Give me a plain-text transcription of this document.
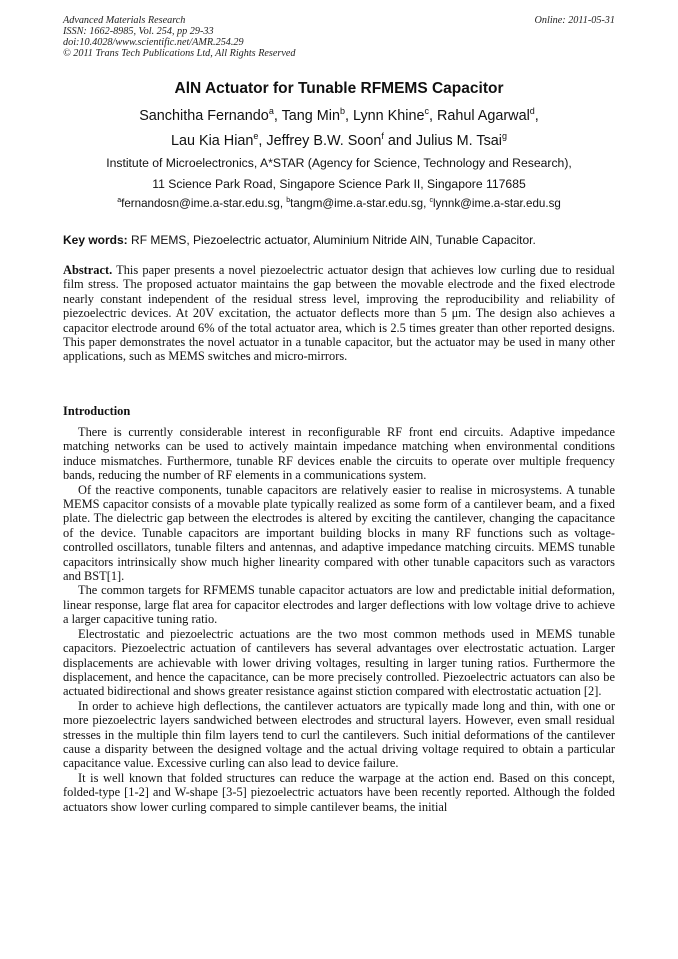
Advanced Materials Research
ISSN: 1662-8985, Vol. 254, pp 29-33
doi:10.4028/www.scientific.net/AMR.254.29
© 2011 Trans Tech Publications Ltd, All Rights Reserved
Online: 2011-05-31
AlN Actuator for Tunable RFMEMS Capacitor
Sanchitha Fernando$^a$, Tang Min$^b$, Lynn Khine$^c$, Rahul Agarwal$^d$,
Lau Kia Hian$^e$, Jeffrey B.W. Soon$^f$ and Julius M. Tsai$^g$
Institute of Microelectronics, A*STAR (Agency for Science, Technology and Research),
11 Science Park Road, Singapore Science Park II, Singapore 117685
$^a$fernandosn@ime.a-star.edu.sg, $^b$tangm@ime.a-star.edu.sg, $^c$lynnk@ime.a-star.edu.sg
Key words: RF MEMS, Piezoelectric actuator, Aluminium Nitride AlN, Tunable Capacitor.

Abstract. This paper presents a novel piezoelectric actuator design that achieves low curling due to residual film stress. The proposed actuator maintains the gap between the movable electrode and the fixed electrode nearly constant independent of the residual stress level, improving the reproducibility and reliability of piezoelectric devices. At 20V excitation, the actuator deflects more than 5 μm. The design also achieves a capacitor electrode around 6% of the total actuator area, which is 2.5 times greater than other reported designs. This paper demonstrates the novel actuator in a tunable capacitor, but the actuator may be used in many other applications, such as MEMS switches and micro-mirrors.

Introduction

There is currently considerable interest in reconfigurable RF front end circuits. Adaptive impedance matching networks can be used to actively maintain impedance matching when environmental conditions induce mismatches. Furthermore, tunable RF devices enable the circuits to operate over multiple frequency bands, reducing the number of RF elements in a communications system.

Of the reactive components, tunable capacitors are relatively easier to realise in microsystems. A tunable MEMS capacitor consists of a movable plate typically realized as some form of a cantilever beam, and a fixed plate. The dielectric gap between the electrodes is altered by exciting the cantilever, changing the capacitance of the device. Tunable capacitors are important building blocks in many RF functions such as voltage-controlled oscillators, tunable filters and antennas, and adaptive impedance matching circuits. MEMS tunable capacitors intrinsically show much higher linearity compared with other tunable capacitors such as varactors and BST[1].

The common targets for RFMEMS tunable capacitor actuators are low and predictable initial deformation, linear response, large flat area for capacitor electrodes and larger deflections with low voltage drive to achieve a larger capacitive tuning ratio.

Electrostatic and piezoelectric actuations are the two most common methods used in MEMS tunable capacitors. Piezoelectric actuation of cantilevers has several advantages over electrostatic actuation. Larger displacements are achievable with lower driving voltages, resulting in larger tuning ratios. Furthermore the displacement, and hence the capacitance, can be more precisely controlled. Piezoelectric actuators can also be actuated bidirectional and shows greater resistance against stiction compared with electrostatic actuation [2].

In order to achieve high deflections, the cantilever actuators are typically made long and thin, with one or more piezoelectric layers sandwiched between electrodes and structural layers. However, even small residual stresses in the multiple thin film layers tend to curl the cantilevers. Such initial deformations of the cantilever cause a disparity between the designed voltage and the actual driving voltage required to obtain a particular capacitance value. Excessive curling can also lead to device failure.

It is well known that folded structures can reduce the warpage at the action end. Based on this concept, folded-type [1-2] and W-shape [3-5] piezoelectric actuators have been recently reported. Although the folded actuators show lower curling compared to simple cantilever beams, the initial
